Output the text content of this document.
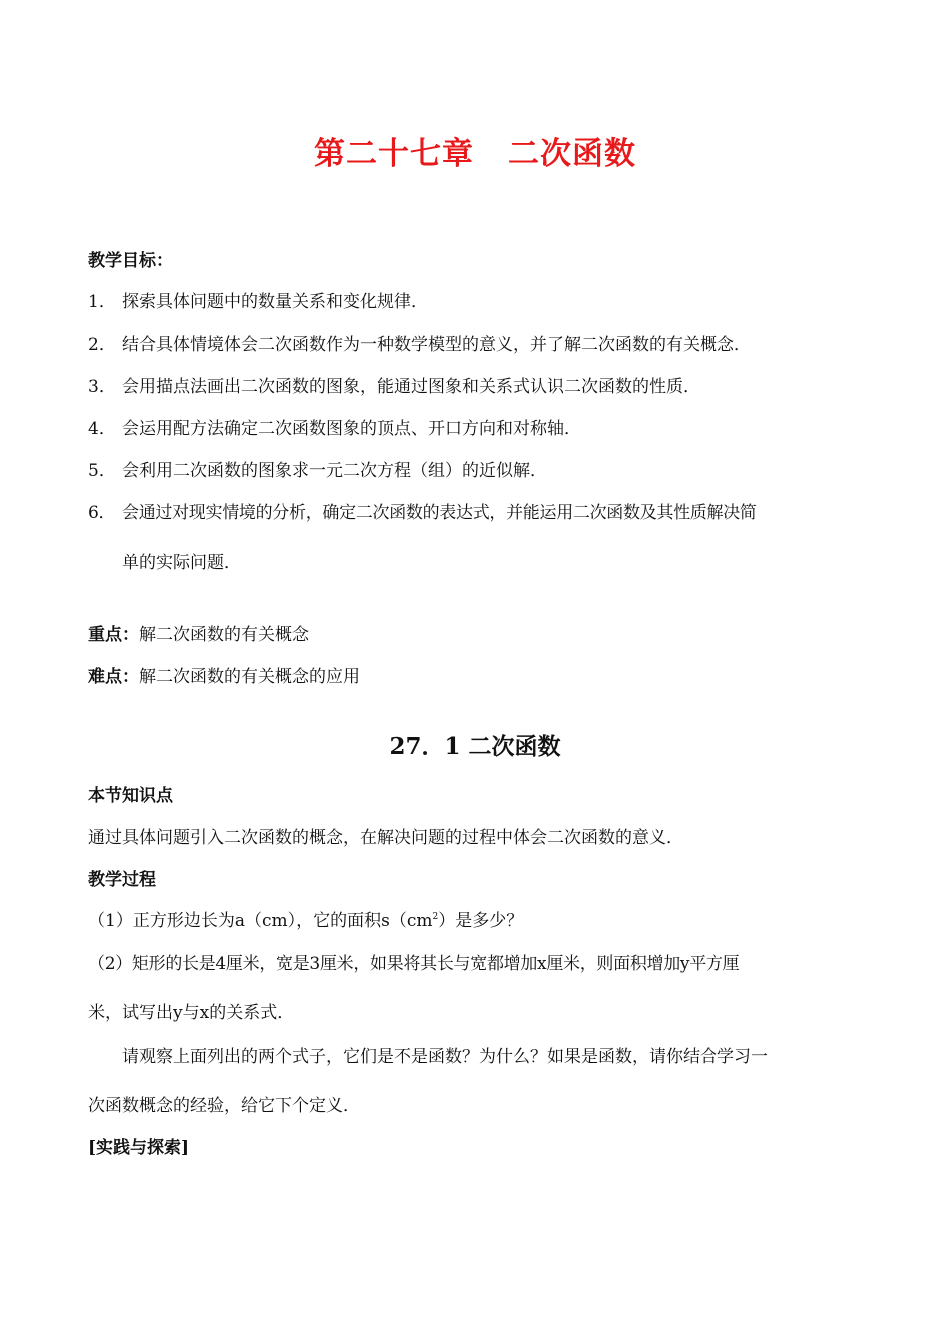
第二十七章 二次函数
教学目标：
1． 探索具体问题中的数量关系和变化规律．
2． 结合具体情境体会二次函数作为一种数学模型的意义，并了解二次函数的有关概念．
3． 会用描点法画出二次函数的图象，能通过图象和关系式认识二次函数的性质．
4． 会运用配方法确定二次函数图象的顶点、开口方向和对称轴．
5． 会利用二次函数的图象求一元二次方程（组）的近似解．
6． 会通过对现实情境的分析，确定二次函数的表达式，并能运用二次函数及其性质解决简
单的实际问题．
重点：解二次函数的有关概念
难点：解二次函数的有关概念的应用
27．1 二次函数
本节知识点
通过具体问题引入二次函数的概念，在解决问题的过程中体会二次函数的意义．
教学过程
（1）正方形边长为a（cm），它的面积$s(cm^2)$是多少？
（2）矩形的长是4厘米，宽是3厘米，如果将其长与宽都增加x厘米，则面积增加y平方厘
米，试写出y与x的关系式．
请观察上面列出的两个式子，它们是不是函数？为什么？如果是函数，请你结合学习一
次函数概念的经验，给它下个定义．
[实践与探索]
